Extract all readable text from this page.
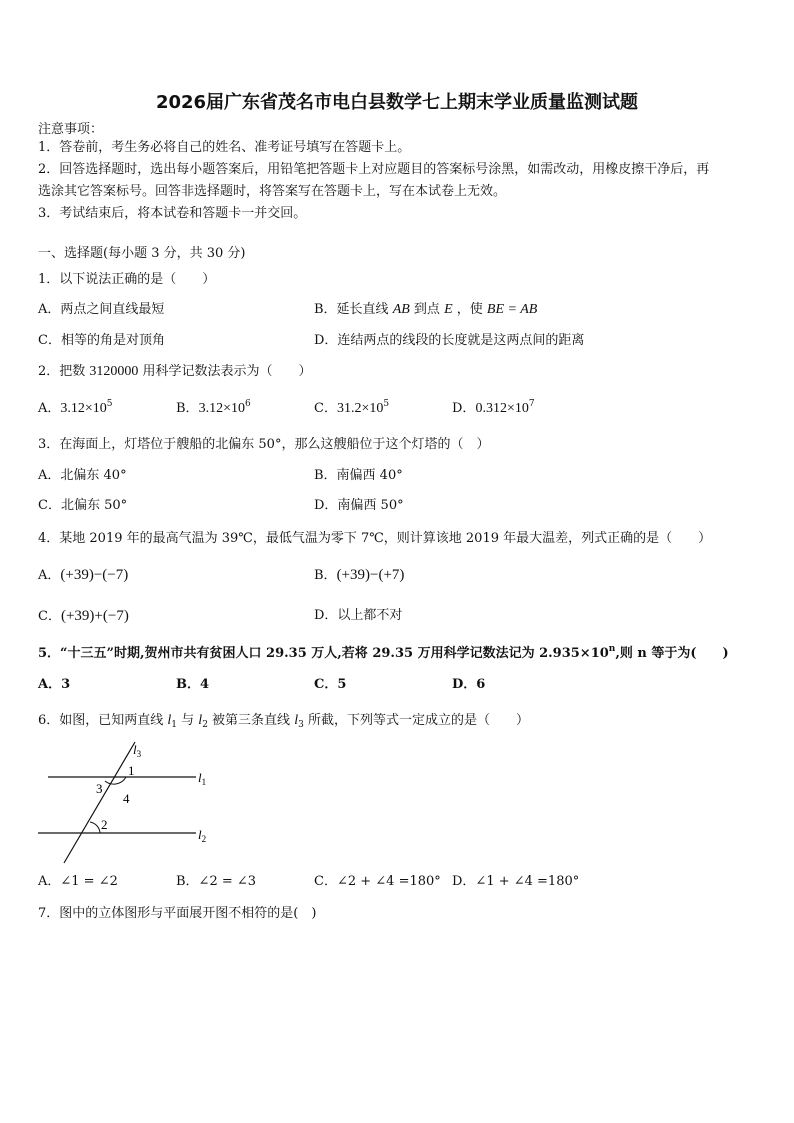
2026届广东省茂名市电白县数学七上期末学业质量监测试题
注意事项：
1．答卷前，考生务必将自己的姓名、准考证号填写在答题卡上。
2．回答选择题时，选出每小题答案后，用铅笔把答题卡上对应题目的答案标号涂黑，如需改动，用橡皮擦干净后，再
选涂其它答案标号。回答非选择题时，将答案写在答题卡上，写在本试卷上无效。
3．考试结束后，将本试卷和答题卡一并交回。
一、选择题(每小题 3 分，共 30 分)
1．以下说法正确的是（　　）
A．两点之间直线最短	B．延长直线 AB 到点 E ，使 BE = AB
C．相等的角是对顶角	D．连结两点的线段的长度就是这两点间的距离
2．把数 3120000 用科学记数法表示为（　　）
A．$3.12\times 10^5$	B．$3.12\times 10^6$	C．$31.2\times 10^5$	D．$0.312\times 10^7$
3．在海面上，灯塔位于艘船的北偏东 50°，那么这艘船位于这个灯塔的（　）
A．北偏东 40°	B．南偏西 40°
C．北偏东 50°	D．南偏西 50°
4．某地 2019 年的最高气温为 39℃，最低气温为零下 7℃，则计算该地 2019 年最大温差，列式正确的是（　　）
A．(+39)−(−7)	B．(+39)−(+7)
C．(+39)+(−7)	D．以上都不对
5．“十三五”时期,贺州市共有贫困人口 29.35 万人,若将 29.35 万用科学记数法记为 $2.935\times 10^n$,则 n 等于为(　　)
A．3	B．4	C．5	D．6
6．如图，已知两直线 $l_1$ 与 $l_2$ 被第三条直线 $l_3$ 所截，下列等式一定成立的是（　　）
$l_3$
$l_1$
$l_2$
1
3
4
2
A．∠1 = ∠2	B．∠2 = ∠3	C．∠2 + ∠4 =180° D．∠1 + ∠4 =180°
7．图中的立体图形与平面展开图不相符的是(　)
